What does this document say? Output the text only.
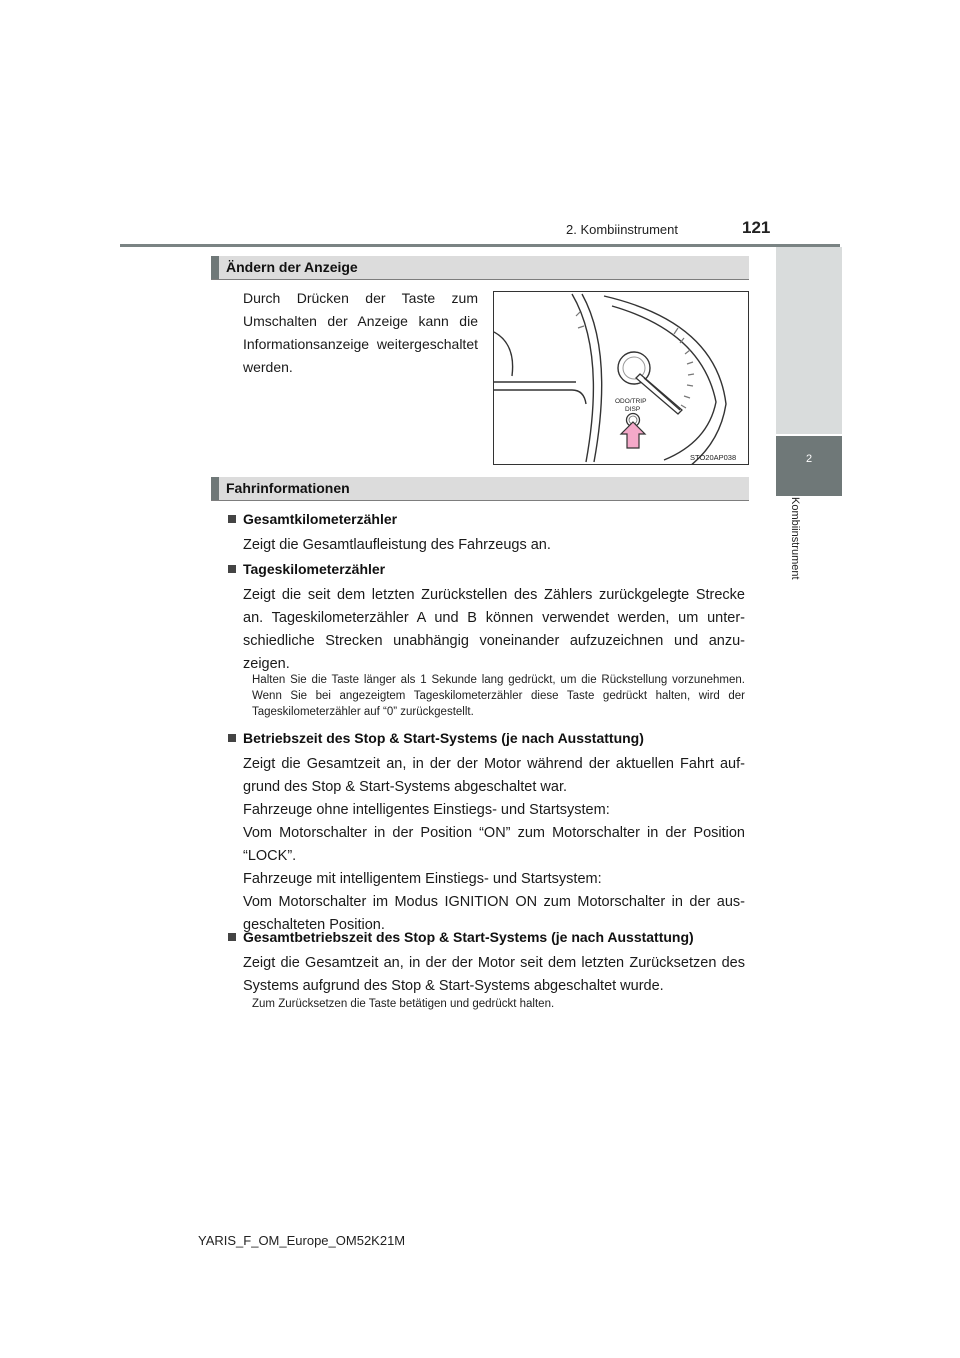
2. Kombiinstrument	121
2
Kombiinstrument
Ändern der Anzeige
Durch Drücken der Taste zum Umschalten der Anzeige kann die Informationsanzeige weitergeschaltet werden.
ODO/TRIP
DISP
STO20AP038
Fahrinformationen
Gesamtkilometerzähler

Zeigt die Gesamtlaufleistung des Fahrzeugs an.

Tageskilometerzähler

Zeigt die seit dem letzten Zurückstellen des Zählers zurückgelegte Strecke an. Tageskilometerzähler A und B können verwendet werden, um unterschiedliche Strecken unabhängig voneinander aufzuzeichnen und anzuzeigen.

Halten Sie die Taste länger als 1 Sekunde lang gedrückt, um die Rückstellung vorzunehmen. Wenn Sie bei angezeigtem Tageskilometerzähler diese Taste gedrückt halten, wird der Tageskilometerzähler auf “0” zurückgestellt.
Betriebszeit des Stop & Start-Systems (je nach Ausstattung)

Zeigt die Gesamtzeit an, in der der Motor während der aktuellen Fahrt aufgrund des Stop & Start-Systems abgeschaltet war.

Fahrzeuge ohne intelligentes Einstiegs- und Startsystem:

Vom Motorschalter in der Position “ON” zum Motorschalter in der Position “LOCK”.

Fahrzeuge mit intelligentem Einstiegs- und Startsystem:

Vom Motorschalter im Modus IGNITION ON zum Motorschalter in der ausgeschalteten Position.

Gesamtbetriebszeit des Stop & Start-Systems (je nach Ausstattung)

Zeigt die Gesamtzeit an, in der der Motor seit dem letzten Zurücksetzen des Systems aufgrund des Stop & Start-Systems abgeschaltet wurde.

Zum Zurücksetzen die Taste betätigen und gedrückt halten.
YARIS_F_OM_Europe_OM52K21M
